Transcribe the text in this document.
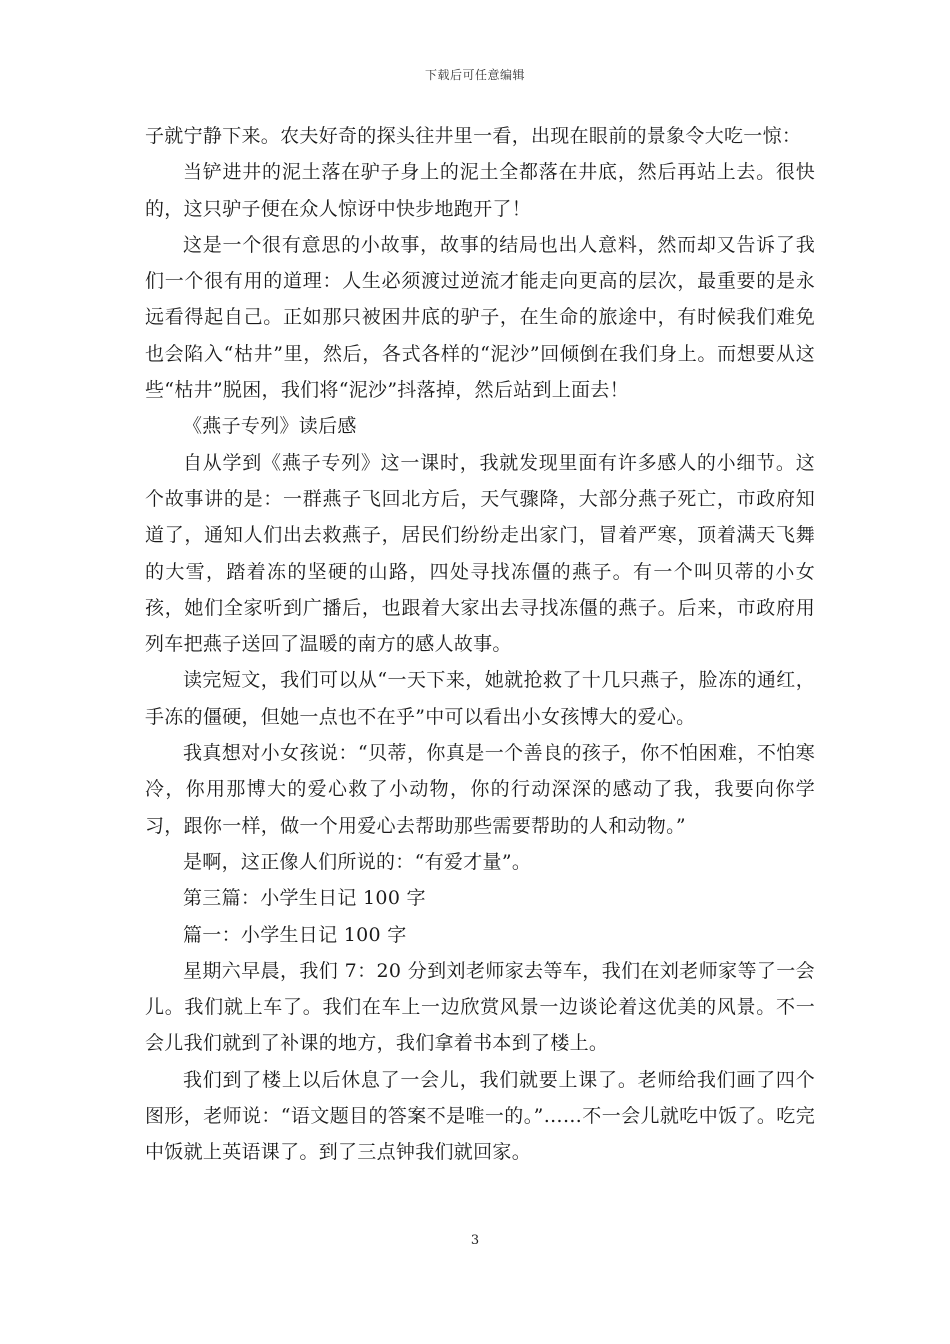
下载后可任意编辑

子就宁静下来。农夫好奇的探头往井里一看，出现在眼前的景象令大吃一惊：

当铲进井的泥土落在驴子身上的泥土全都落在井底，然后再站上去。很快的，这只驴子便在众人惊讶中快步地跑开了！

这是一个很有意思的小故事，故事的结局也出人意料，然而却又告诉了我们一个很有用的道理：人生必须渡过逆流才能走向更高的层次，最重要的是永远看得起自己。正如那只被困井底的驴子，在生命的旅途中，有时候我们难免也会陷入“枯井”里，然后，各式各样的“泥沙”回倾倒在我们身上。而想要从这些“枯井”脱困，我们将“泥沙”抖落掉，然后站到上面去！

《燕子专列》读后感

自从学到《燕子专列》这一课时，我就发现里面有许多感人的小细节。这个故事讲的是：一群燕子飞回北方后，天气骤降，大部分燕子死亡，市政府知道了，通知人们出去救燕子，居民们纷纷走出家门，冒着严寒，顶着满天飞舞的大雪，踏着冻的坚硬的山路，四处寻找冻僵的燕子。有一个叫贝蒂的小女孩，她们全家听到广播后，也跟着大家出去寻找冻僵的燕子。后来，市政府用列车把燕子送回了温暖的南方的感人故事。

读完短文，我们可以从“一天下来，她就抢救了十几只燕子，脸冻的通红，手冻的僵硬，但她一点也不在乎”中可以看出小女孩博大的爱心。

我真想对小女孩说：“贝蒂，你真是一个善良的孩子，你不怕困难，不怕寒冷，你用那博大的爱心救了小动物，你的行动深深的感动了我，我要向你学习，跟你一样，做一个用爱心去帮助那些需要帮助的人和动物。”

是啊，这正像人们所说的：“有爱才量”。

第三篇：小学生日记 100 字

篇一：小学生日记 100 字

星期六早晨，我们 7：20 分到刘老师家去等车，我们在刘老师家等了一会儿。我们就上车了。我们在车上一边欣赏风景一边谈论着这优美的风景。不一会儿我们就到了补课的地方，我们拿着书本到了楼上。

我们到了楼上以后休息了一会儿，我们就要上课了。老师给我们画了四个图形，老师说：“语文题目的答案不是唯一的。”……不一会儿就吃中饭了。吃完中饭就上英语课了。到了三点钟我们就回家。

3
